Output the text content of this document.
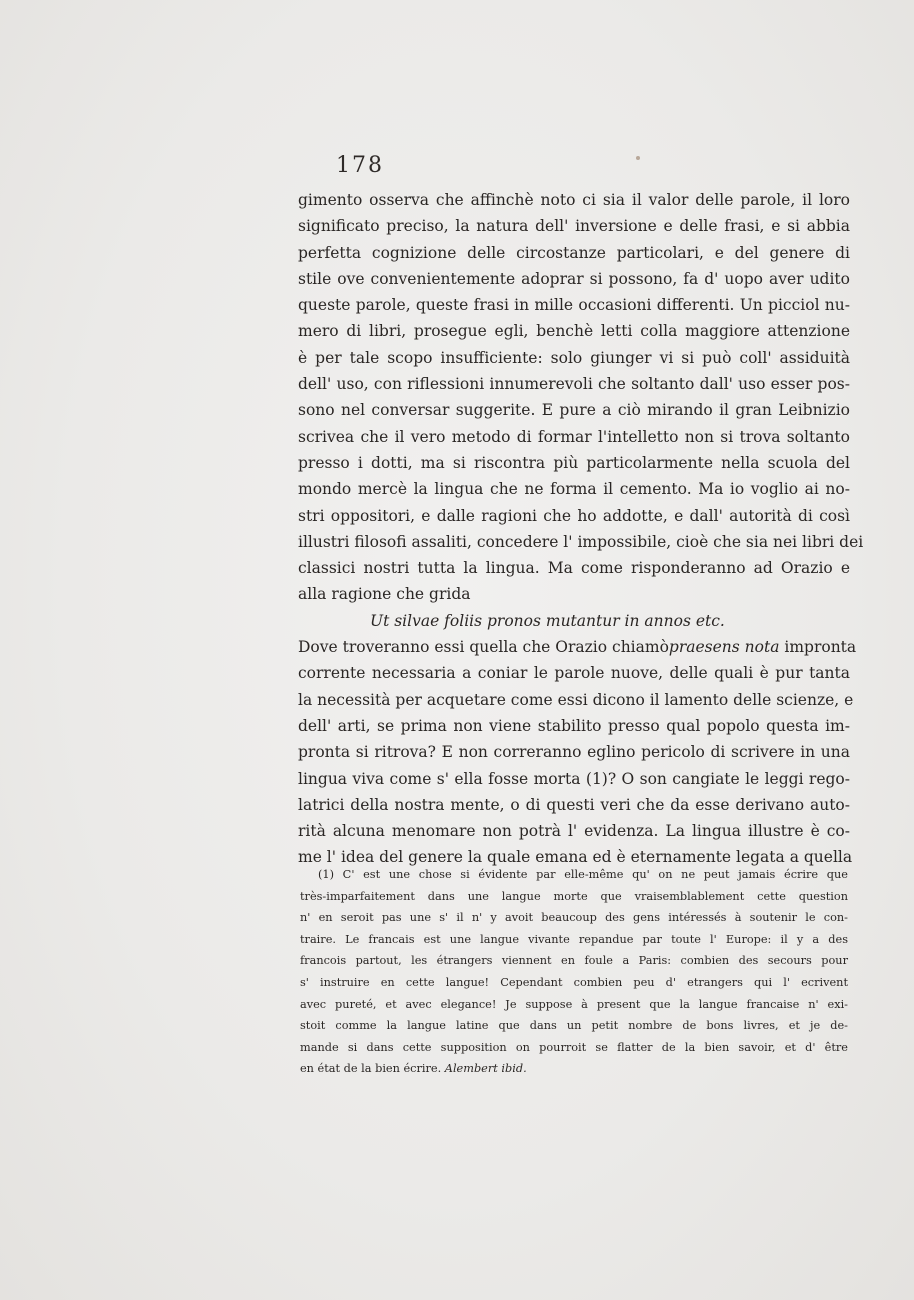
178
gimento osserva che affinchè noto ci sia il valor delle parole, il loro
significato preciso, la natura dell' inversione e delle frasi, e si abbia
perfetta cognizione delle circostanze particolari, e del genere di
stile ove convenientemente adoprar si possono, fa d' uopo aver udito
queste parole, queste frasi in mille occasioni differenti. Un picciol nu-
mero di libri, prosegue egli, benchè letti colla maggiore attenzione
è per tale scopo insufficiente: solo giunger vi si può coll' assiduità
dell' uso, con riflessioni innumerevoli che soltanto dall' uso esser pos-
sono nel conversar suggerite. E pure a ciò mirando il gran Leibnizio
scrivea che il vero metodo di formar l'intelletto non si trova soltanto
presso i dotti, ma si riscontra più particolarmente nella scuola del
mondo mercè la lingua che ne forma il cemento. Ma io voglio ai no-
stri oppositori, e dalle ragioni che ho addotte, e dall' autorità di così
illustri filosofi assaliti, concedere l' impossibile, cioè che sia nei libri dei
classici nostri tutta la lingua. Ma come risponderanno ad Orazio e
alla ragione che grida
Ut silvae foliis pronos mutantur in annos etc.
Dove troveranno essi quella che Orazio chiamòpraesens nota impronta
corrente necessaria a coniar le parole nuove, delle quali è pur tanta
la necessità per acquetare come essi dicono il lamento delle scienze, e
dell' arti, se prima non viene stabilito presso qual popolo questa im-
pronta si ritrova? E non correranno eglino pericolo di scrivere in una
lingua viva come s' ella fosse morta (1)? O son cangiate le leggi rego-
latrici della nostra mente, o di questi veri che da esse derivano auto-
rità alcuna menomare non potrà l' evidenza. La lingua illustre è co-
me l' idea del genere la quale emana ed è eternamente legata a quella
(1) C' est une chose si évidente par elle-même qu' on ne peut jamais écrire que
très-imparfaitement dans une langue morte que vraisemblablement cette question
n' en seroit pas une s' il n' y avoit beaucoup des gens intéressés à soutenir le con-
traire. Le francais est une langue vivante repandue par toute l' Europe: il y a des
francois partout, les étrangers viennent en foule a Paris: combien des secours pour
s' instruire en cette langue! Cependant combien peu d' etrangers qui l' ecrivent
avec pureté, et avec elegance! Je suppose à present que la langue francaise n' exi-
stoit comme la langue latine que dans un petit nombre de bons livres, et je de-
mande si dans cette supposition on pourroit se flatter de la bien savoir, et d' être
en état de la bien écrire. Alembert ibid.
